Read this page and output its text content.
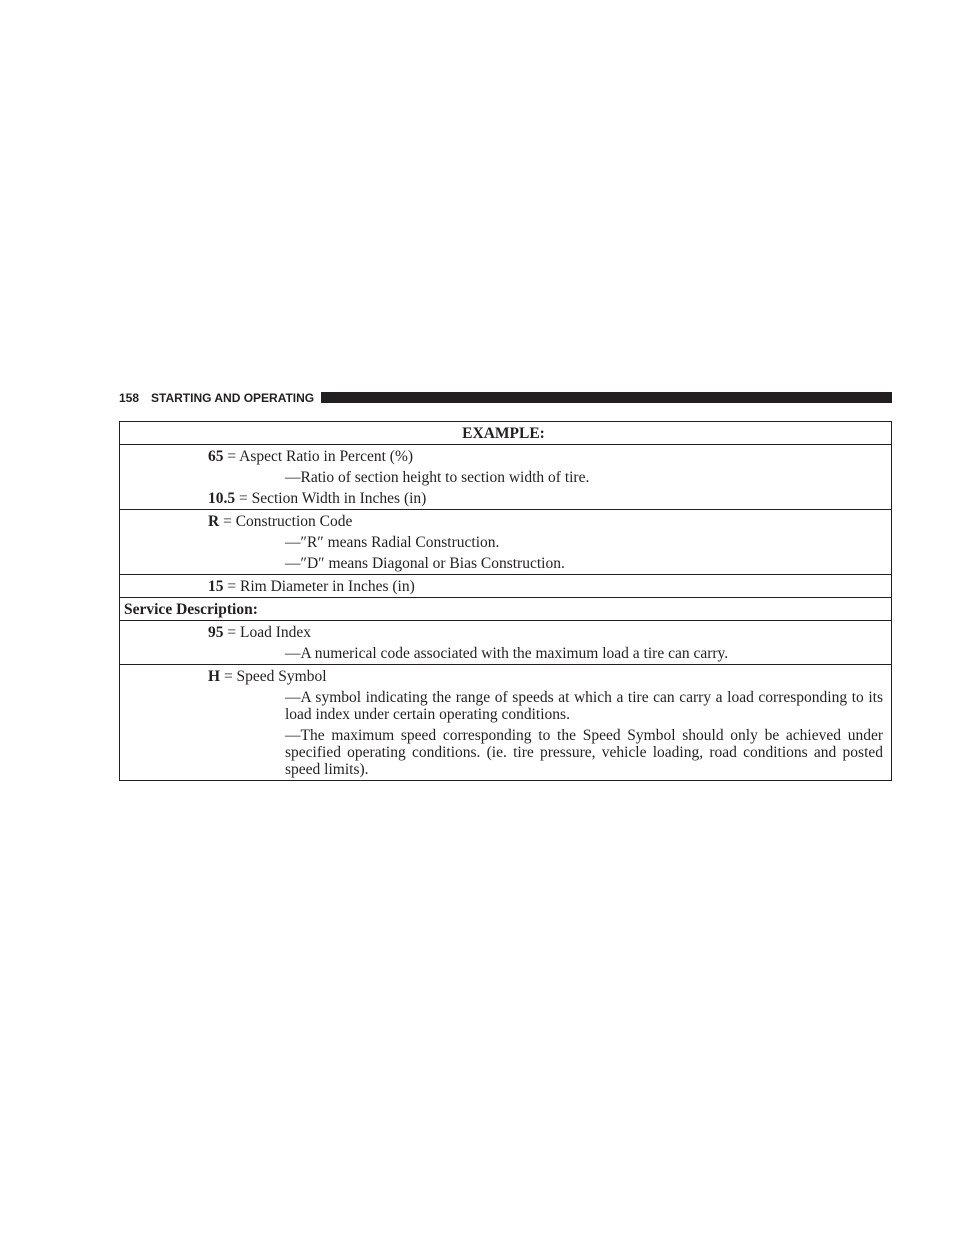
158 STARTING AND OPERATING
EXAMPLE:

65 = Aspect Ratio in Percent (%)
—Ratio of section height to section width of tire.
10.5 = Section Width in Inches (in)

R = Construction Code
—″R″ means Radial Construction.
—″D″ means Diagonal or Bias Construction.

15 = Rim Diameter in Inches (in)

Service Description:

95 = Load Index
—A numerical code associated with the maximum load a tire can carry.

H = Speed Symbol
—A symbol indicating the range of speeds at which a tire can carry a load corresponding to its load index under certain operating conditions.
—The maximum speed corresponding to the Speed Symbol should only be achieved under specified operating conditions. (ie. tire pressure, vehicle loading, road conditions and posted speed limits).
